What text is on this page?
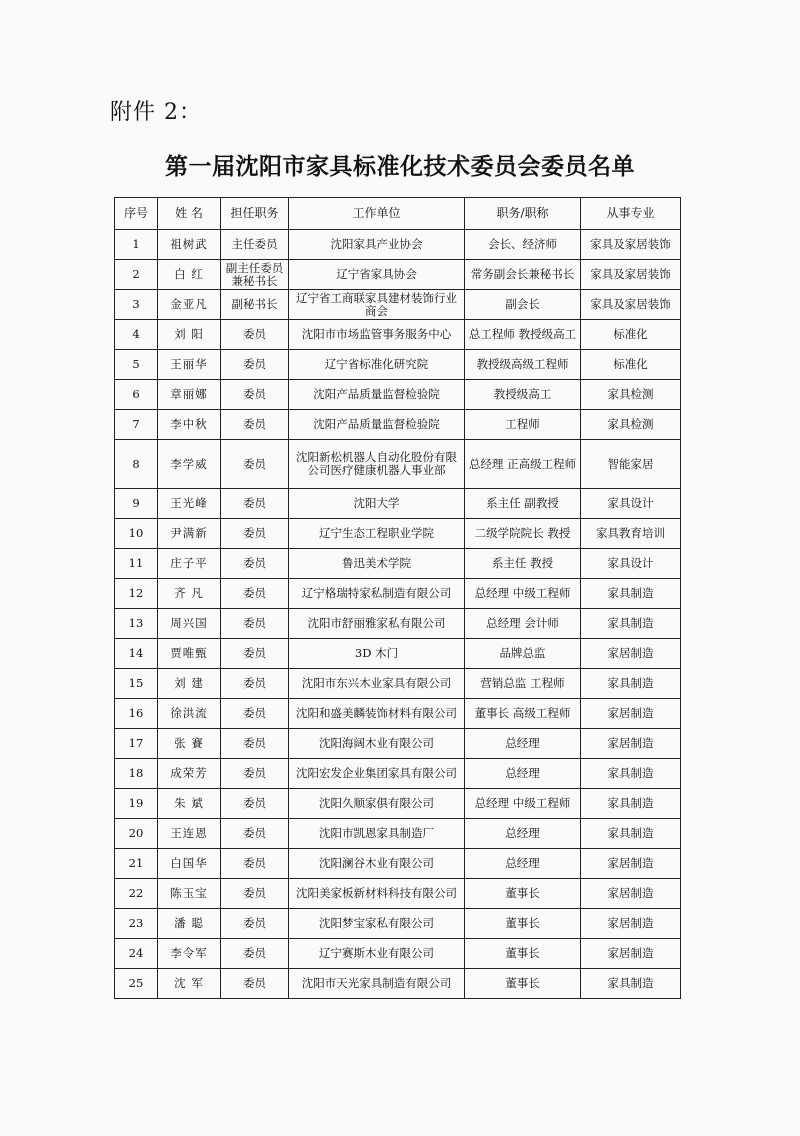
附件 2：
第一届沈阳市家具标准化技术委员会委员名单
序号	姓 名	担任职务	工作单位	职务/职称	从事专业
1	祖树武	主任委员	沈阳家具产业协会	会长、经济师	家具及家居装饰
2	白 红	副主任委员兼秘书长	辽宁省家具协会	常务副会长兼秘书长	家具及家居装饰
3	金亚凡	副秘书长	辽宁省工商联家具建材装饰行业商会	副会长	家具及家居装饰
4	刘 阳	委员	沈阳市市场监管事务服务中心	总工程师 教授级高工	标准化
5	王丽华	委员	辽宁省标准化研究院	教授级高级工程师	标准化
6	章丽娜	委员	沈阳产品质量监督检验院	教授级高工	家具检测
7	李中秋	委员	沈阳产品质量监督检验院	工程师	家具检测
8	李学威	委员	沈阳新松机器人自动化股份有限公司医疗健康机器人事业部	总经理 正高级工程师	智能家居
9	王光峰	委员	沈阳大学	系主任 副教授	家具设计
10	尹满新	委员	辽宁生态工程职业学院	二级学院院长 教授	家具教育培训
11	庄子平	委员	鲁迅美术学院	系主任 教授	家具设计
12	齐 凡	委员	辽宁格瑞特家私制造有限公司	总经理 中级工程师	家具制造
13	周兴国	委员	沈阳市舒丽雅家私有限公司	总经理 会计师	家具制造
14	贾唯甄	委员	3D 木门	品牌总监	家居制造
15	刘 建	委员	沈阳市东兴木业家具有限公司	营销总监 工程师	家具制造
16	徐洪流	委员	沈阳和盛美麟装饰材料有限公司	董事长 高级工程师	家居制造
17	张 賽	委员	沈阳海阔木业有限公司	总经理	家居制造
18	成荣芳	委员	沈阳宏发企业集团家具有限公司	总经理	家具制造
19	朱 斌	委员	沈阳久顺家俱有限公司	总经理 中级工程师	家具制造
20	王连恩	委员	沈阳市凯恩家具制造厂	总经理	家具制造
21	白国华	委员	沈阳澜谷木业有限公司	总经理	家居制造
22	陈玉宝	委员	沈阳美家板新材料科技有限公司	董事长	家居制造
23	潘 聪	委员	沈阳梦宝家私有限公司	董事长	家居制造
24	李令军	委员	辽宁赛斯木业有限公司	董事长	家居制造
25	沈 军	委员	沈阳市天光家具制造有限公司	董事长	家具制造
